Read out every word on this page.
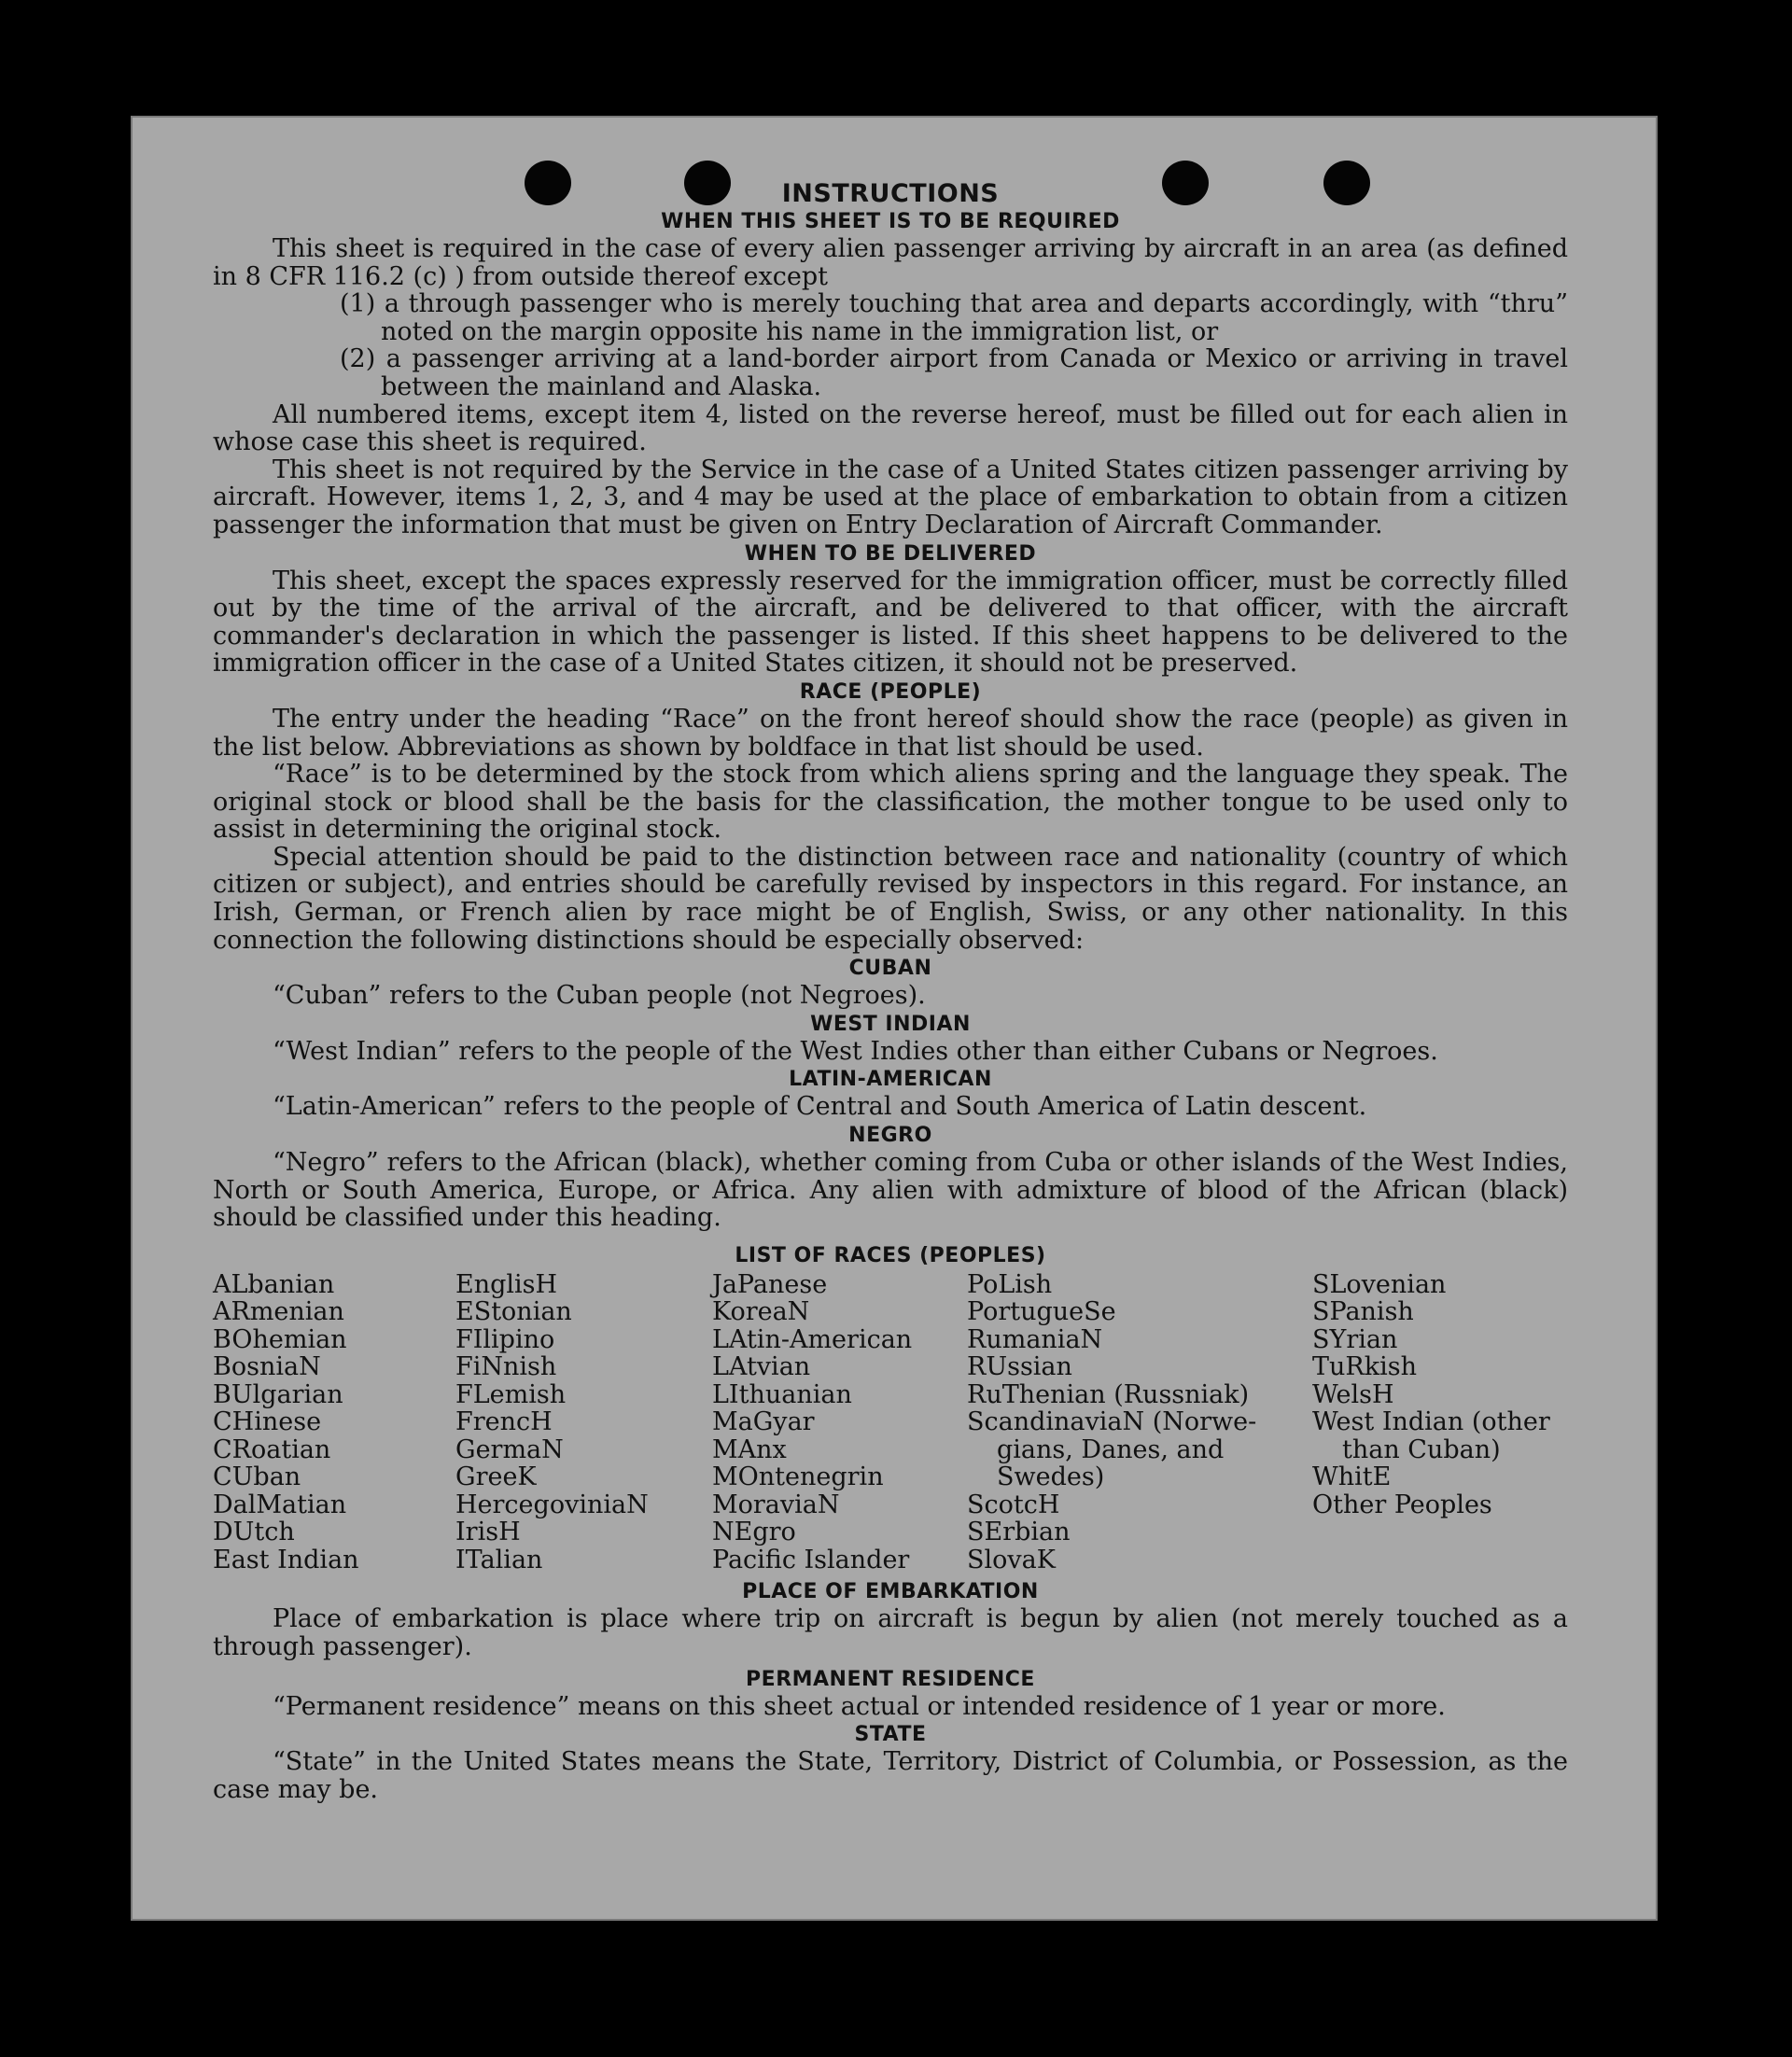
INSTRUCTIONS
WHEN THIS SHEET IS TO BE REQUIRED

This sheet is required in the case of every alien passenger arriving by aircraft in an area (as defined in 8 CFR 116.2 (c) ) from outside thereof except

(1) a through passenger who is merely touching that area and departs accordingly, with “thru” noted on the margin opposite his name in the immigration list, or

(2) a passenger arriving at a land-border airport from Canada or Mexico or arriving in travel between the mainland and Alaska.

All numbered items, except item 4, listed on the reverse hereof, must be filled out for each alien in whose case this sheet is required.

This sheet is not required by the Service in the case of a United States citizen passenger arriving by aircraft. However, items 1, 2, 3, and 4 may be used at the place of embarkation to obtain from a citizen passenger the information that must be given on Entry Declaration of Aircraft Commander.

WHEN TO BE DELIVERED

This sheet, except the spaces expressly reserved for the immigration officer, must be correctly filled out by the time of the arrival of the aircraft, and be delivered to that officer, with the aircraft commander's declaration in which the passenger is listed. If this sheet happens to be delivered to the immigration officer in the case of a United States citizen, it should not be preserved.

RACE (PEOPLE)

The entry under the heading “Race” on the front hereof should show the race (people) as given in the list below. Abbreviations as shown by boldface in that list should be used.

“Race” is to be determined by the stock from which aliens spring and the language they speak. The original stock or blood shall be the basis for the classification, the mother tongue to be used only to assist in determining the original stock.

Special attention should be paid to the distinction between race and nationality (country of which citizen or subject), and entries should be carefully revised by inspectors in this regard. For instance, an Irish, German, or French alien by race might be of English, Swiss, or any other nationality. In this connection the following distinctions should be especially observed:

CUBAN

“Cuban” refers to the Cuban people (not Negroes).

WEST INDIAN

“West Indian” refers to the people of the West Indies other than either Cubans or Negroes.

LATIN-AMERICAN

“Latin-American” refers to the people of Central and South America of Latin descent.

NEGRO

“Negro” refers to the African (black), whether coming from Cuba or other islands of the West Indies, North or South America, Europe, or Africa. Any alien with admixture of blood of the African (black) should be classified under this heading.

LIST OF RACES (PEOPLES)
ALbanian
ARmenian
BOhemian
BosniaN
BUlgarian
CHinese
CRoatian
CUban
DalMatian
DUtch
East Indian
EnglisH
EStonian
FIlipino
FiNnish
FLemish
FrencH
GermaN
GreeK
HercegoviniaN
IrisH
ITalian
JaPanese
KoreaN
LAtin-American
LAtvian
LIthuanian
MaGyar
MAnx
MOntenegrin
MoraviaN
NEgro
Pacific Islander
PoLish
PortugueSe
RumaniaN
RUssian
RuThenian (Russniak)
ScandinaviaN (Norwe-
gians, Danes, and
Swedes)
ScotcH
SErbian
SlovaK
SLovenian
SPanish
SYrian
TuRkish
WelsH
West Indian (other
than Cuban)
WhitE
Other Peoples
PLACE OF EMBARKATION

Place of embarkation is place where trip on aircraft is begun by alien (not merely touched as a through passenger).

PERMANENT RESIDENCE

“Permanent residence” means on this sheet actual or intended residence of 1 year or more.

STATE

“State” in the United States means the State, Territory, District of Columbia, or Possession, as the case may be.
